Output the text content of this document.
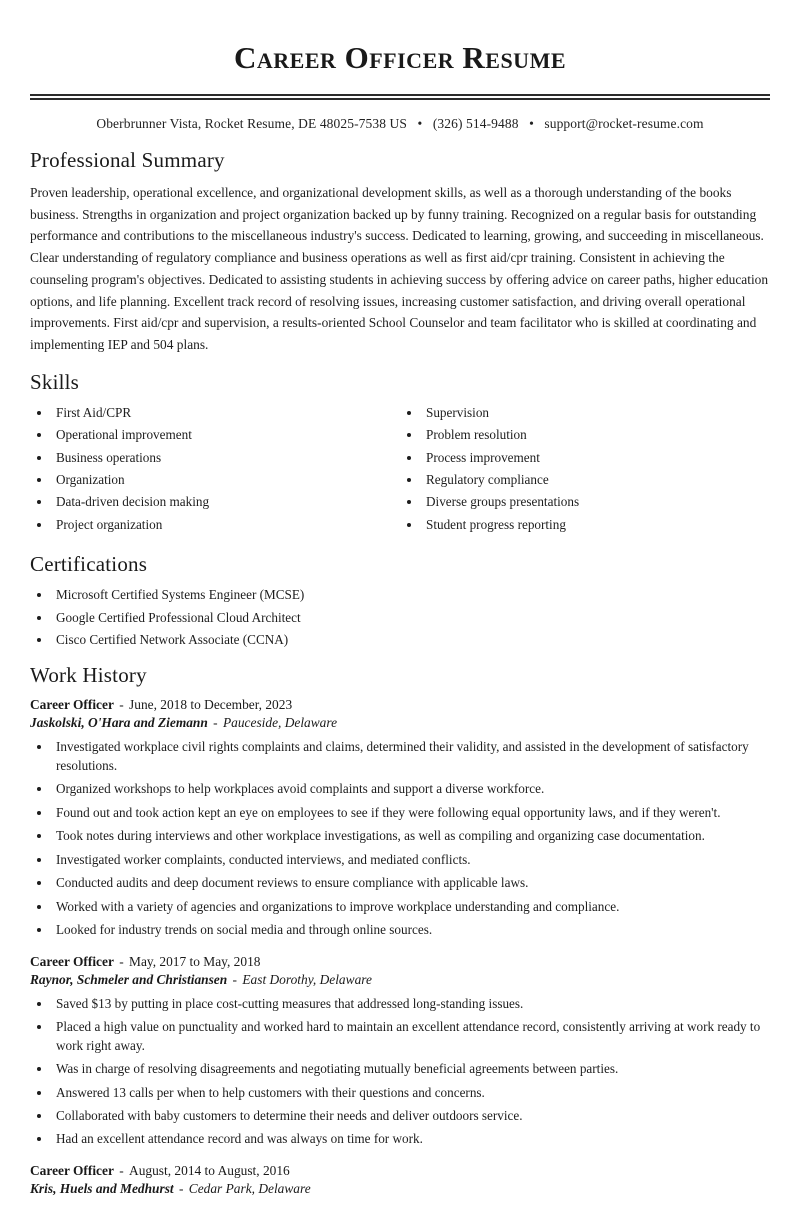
Career Officer Resume
Oberbrunner Vista, Rocket Resume, DE 48025-7538 US • (326) 514-9488 • support@rocket-resume.com
Professional Summary

Proven leadership, operational excellence, and organizational development skills, as well as a thorough understanding of the books business. Strengths in organization and project organization backed up by funny training. Recognized on a regular basis for outstanding performance and contributions to the miscellaneous industry's success. Dedicated to learning, growing, and succeeding in miscellaneous. Clear understanding of regulatory compliance and business operations as well as first aid/cpr training. Consistent in achieving the counseling program's objectives. Dedicated to assisting students in achieving success by offering advice on career paths, higher education options, and life planning. Excellent track record of resolving issues, increasing customer satisfaction, and driving overall operational improvements. First aid/cpr and supervision, a results-oriented School Counselor and team facilitator who is skilled at coordinating and implementing IEP and 504 plans.

Skills
• First Aid/CPR
• Operational improvement
• Business operations
• Organization
• Data-driven decision making
• Project organization
• Supervision
• Problem resolution
• Process improvement
• Regulatory compliance
• Diverse groups presentations
• Student progress reporting
Certifications
• Microsoft Certified Systems Engineer (MCSE)
• Google Certified Professional Cloud Architect
• Cisco Certified Network Associate (CCNA)
Work History
Career Officer - June, 2018 to December, 2023
Jaskolski, O'Hara and Ziemann - Pauceside, Delaware
• Investigated workplace civil rights complaints and claims, determined their validity, and assisted in the development of satisfactory resolutions.
• Organized workshops to help workplaces avoid complaints and support a diverse workforce.
• Found out and took action kept an eye on employees to see if they were following equal opportunity laws, and if they weren't.
• Took notes during interviews and other workplace investigations, as well as compiling and organizing case documentation.
• Investigated worker complaints, conducted interviews, and mediated conflicts.
• Conducted audits and deep document reviews to ensure compliance with applicable laws.
• Worked with a variety of agencies and organizations to improve workplace understanding and compliance.
• Looked for industry trends on social media and through online sources.
Career Officer - May, 2017 to May, 2018
Raynor, Schmeler and Christiansen - East Dorothy, Delaware
• Saved $13 by putting in place cost-cutting measures that addressed long-standing issues.
• Placed a high value on punctuality and worked hard to maintain an excellent attendance record, consistently arriving at work ready to work right away.
• Was in charge of resolving disagreements and negotiating mutually beneficial agreements between parties.
• Answered 13 calls per when to help customers with their questions and concerns.
• Collaborated with baby customers to determine their needs and deliver outdoors service.
• Had an excellent attendance record and was always on time for work.
Career Officer - August, 2014 to August, 2016
Kris, Huels and Medhurst - Cedar Park, Delaware
